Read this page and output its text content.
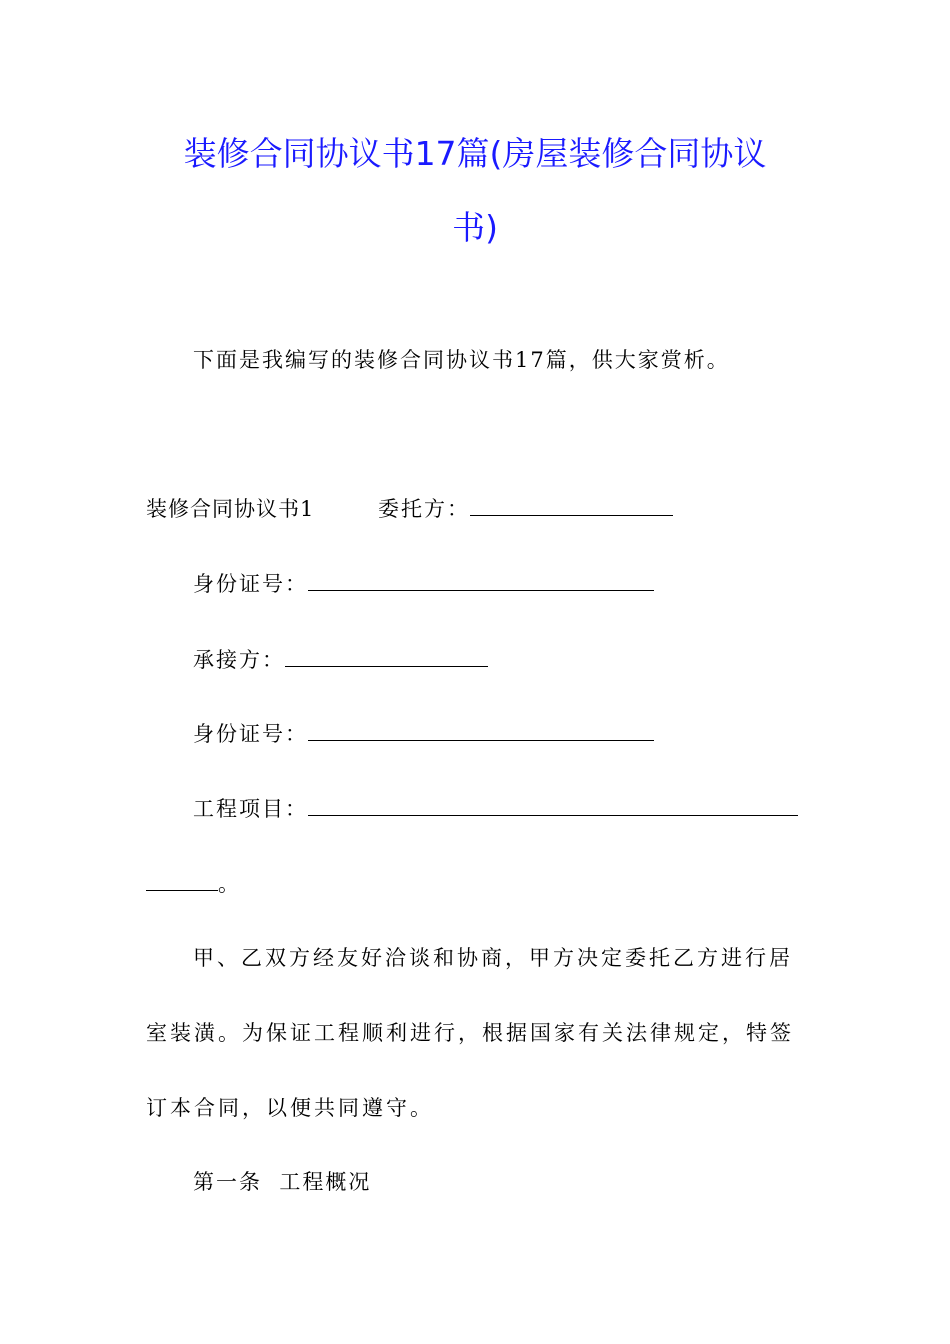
装修合同协议书17篇(房屋装修合同协议
书)
下面是我编写的装修合同协议书17篇，供大家赏析。
装修合同协议书1	委托方：
身份证号：
承接方：
身份证号：
工程项目：
。
甲、乙双方经友好洽谈和协商，甲方决定委托乙方进行居
室装潢。为保证工程顺利进行，根据国家有关法律规定，特签
订本合同，以便共同遵守。
第一条  工程概况
